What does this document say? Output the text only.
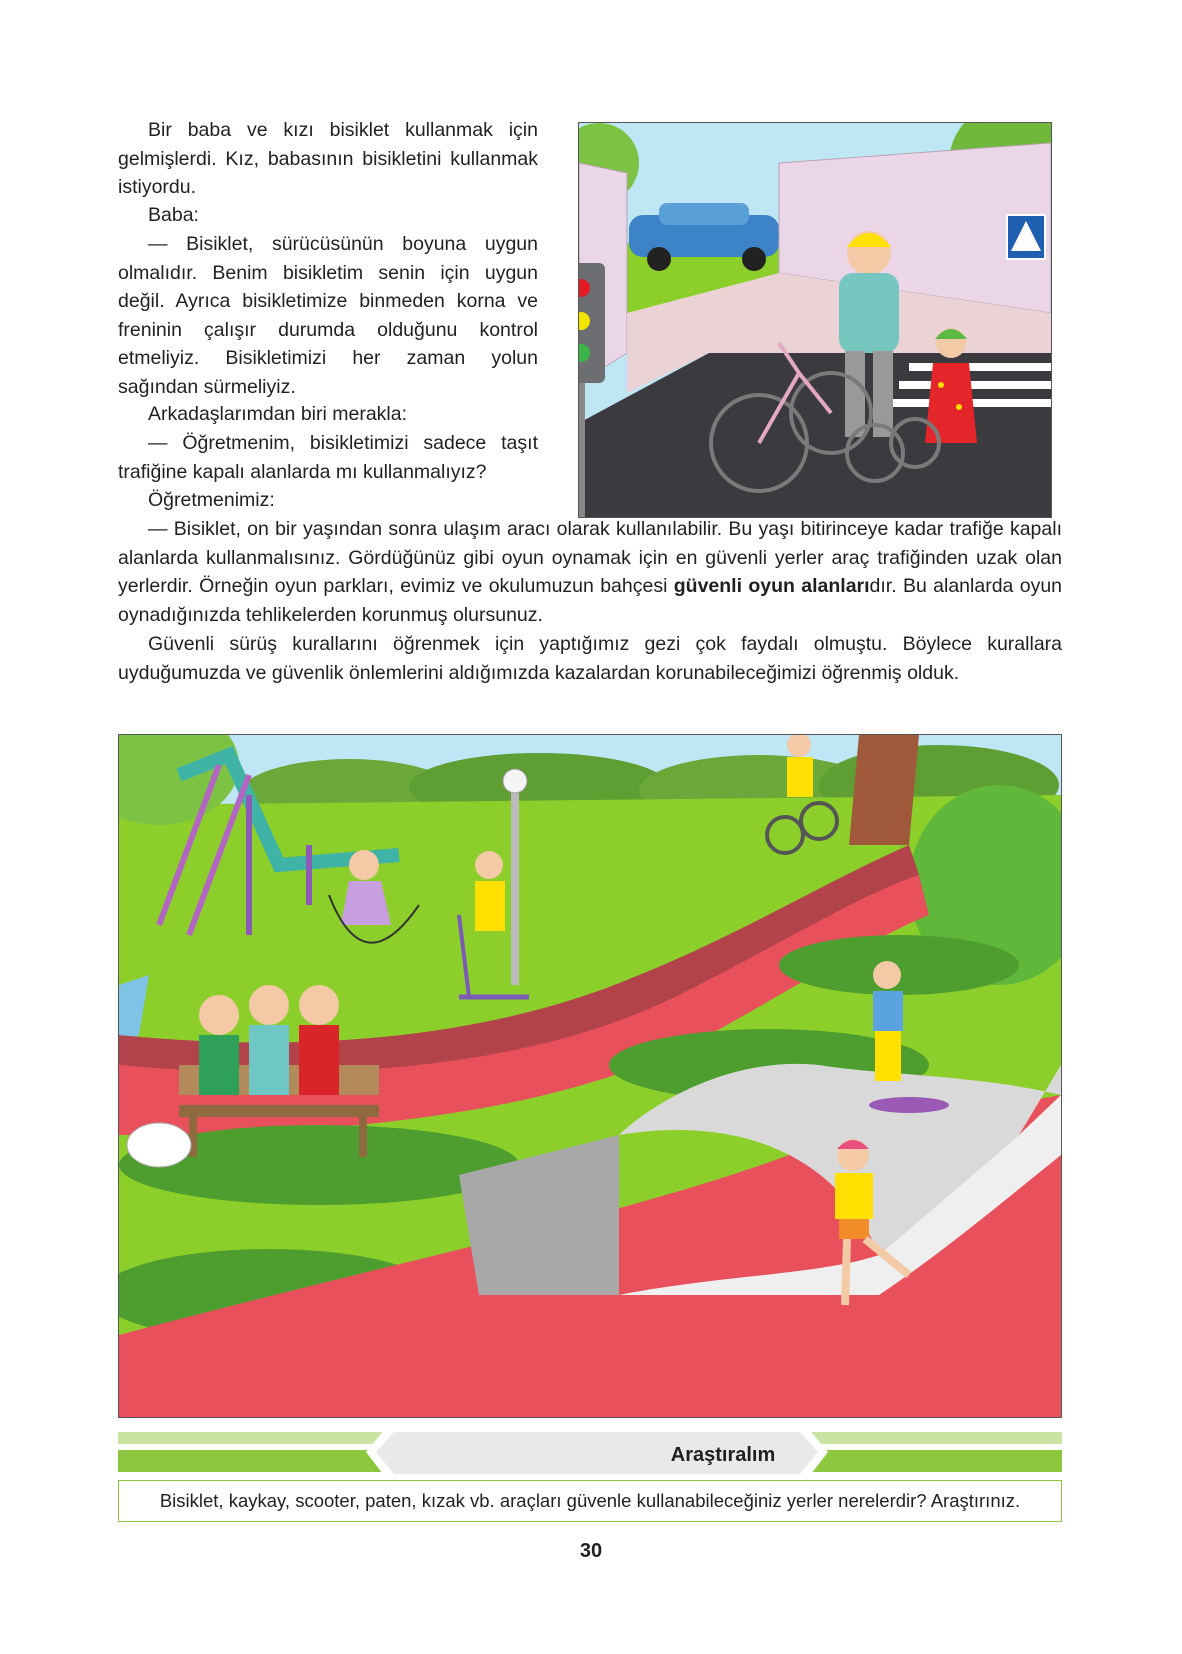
Bir baba ve kızı bisiklet kullanmak için gelmişlerdi. Kız, babasının bisikletini kullanmak istiyordu.

Baba:

— Bisiklet, sürücüsünün boyuna uygun olmalıdır. Benim bisikletim senin için uygun değil. Ayrıca bisikletimize binmeden korna ve freninin çalışır durumda olduğunu kontrol etmeliyiz. Bisikletimizi her zaman yolun sağından sürmeliyiz.

Arkadaşlarımdan biri merakla:

— Öğretmenim, bisikletimizi sadece taşıt trafiğine kapalı alanlarda mı kullanmalıyız?

Öğretmenimiz:

— Bisiklet, on bir yaşından sonra ulaşım aracı olarak kullanılabilir. Bu yaşı bitirinceye kadar trafiğe kapalı alanlarda kullanmalısınız. Gördüğünüz gibi oyun oynamak için en güvenli yerler araç trafiğinden uzak olan yerlerdir. Örneğin oyun parkları, evimiz ve okulumuzun bahçesi güvenli oyun alanlarıdır. Bu alanlarda oyun oynadığınızda tehlikelerden korunmuş olursunuz.

Güvenli sürüş kurallarını öğrenmek için yaptığımız gezi çok faydalı olmuştu. Böylece kurallara uyduğumuzda ve güvenlik önlemlerini aldığımızda kazalardan korunabileceğimizi öğrenmiş olduk.

Araştıralım
Bisiklet, kaykay, scooter, paten, kızak vb. araçları güvenle kullanabileceğiniz yerler nerelerdir? Araştırınız.
30
